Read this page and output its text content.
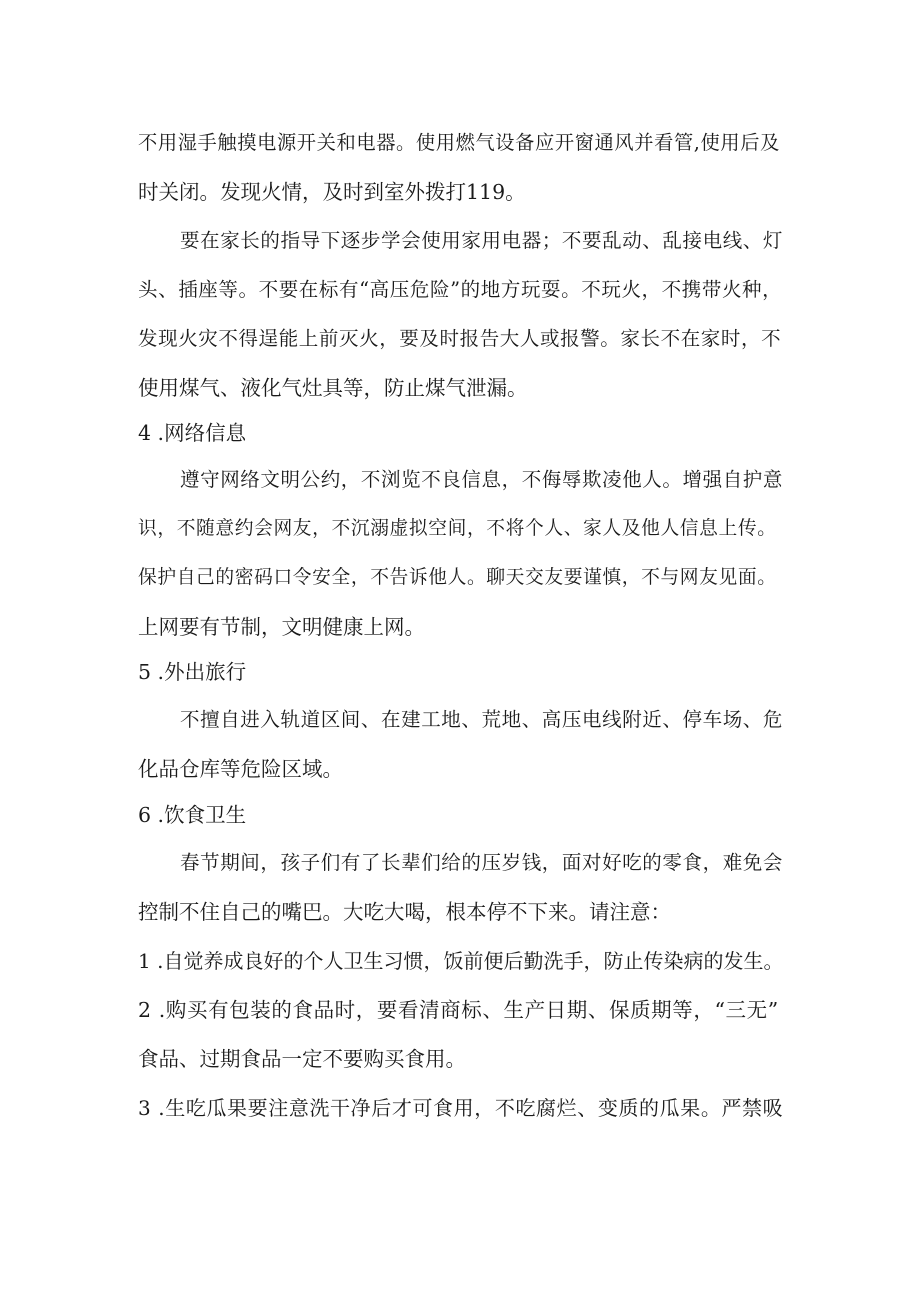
不用湿手触摸电源开关和电器。使用燃气设备应开窗通风并看管,使用后及
时关闭。发现火情，及时到室外拨打119。
要在家长的指导下逐步学会使用家用电器；不要乱动、乱接电线、灯
头、插座等。不要在标有“高压危险”的地方玩耍。不玩火，不携带火种，
发现火灾不得逞能上前灭火，要及时报告大人或报警。家长不在家时，不
使用煤气、液化气灶具等，防止煤气泄漏。
4 .网络信息
遵守网络文明公约，不浏览不良信息，不侮辱欺凌他人。增强自护意
识，不随意约会网友，不沉溺虚拟空间，不将个人、家人及他人信息上传。
保护自己的密码口令安全，不告诉他人。聊天交友要谨慎，不与网友见面。
上网要有节制，文明健康上网。
5 .外出旅行
不擅自进入轨道区间、在建工地、荒地、高压电线附近、停车场、危
化品仓库等危险区域。
6 .饮食卫生
春节期间，孩子们有了长辈们给的压岁钱，面对好吃的零食，难免会
控制不住自己的嘴巴。大吃大喝，根本停不下来。请注意：
1 .自觉养成良好的个人卫生习惯，饭前便后勤洗手，防止传染病的发生。
2 .购买有包装的食品时，要看清商标、生产日期、保质期等，“三无”
食品、过期食品一定不要购买食用。
3 .生吃瓜果要注意洗干净后才可食用，不吃腐烂、变质的瓜果。严禁吸
